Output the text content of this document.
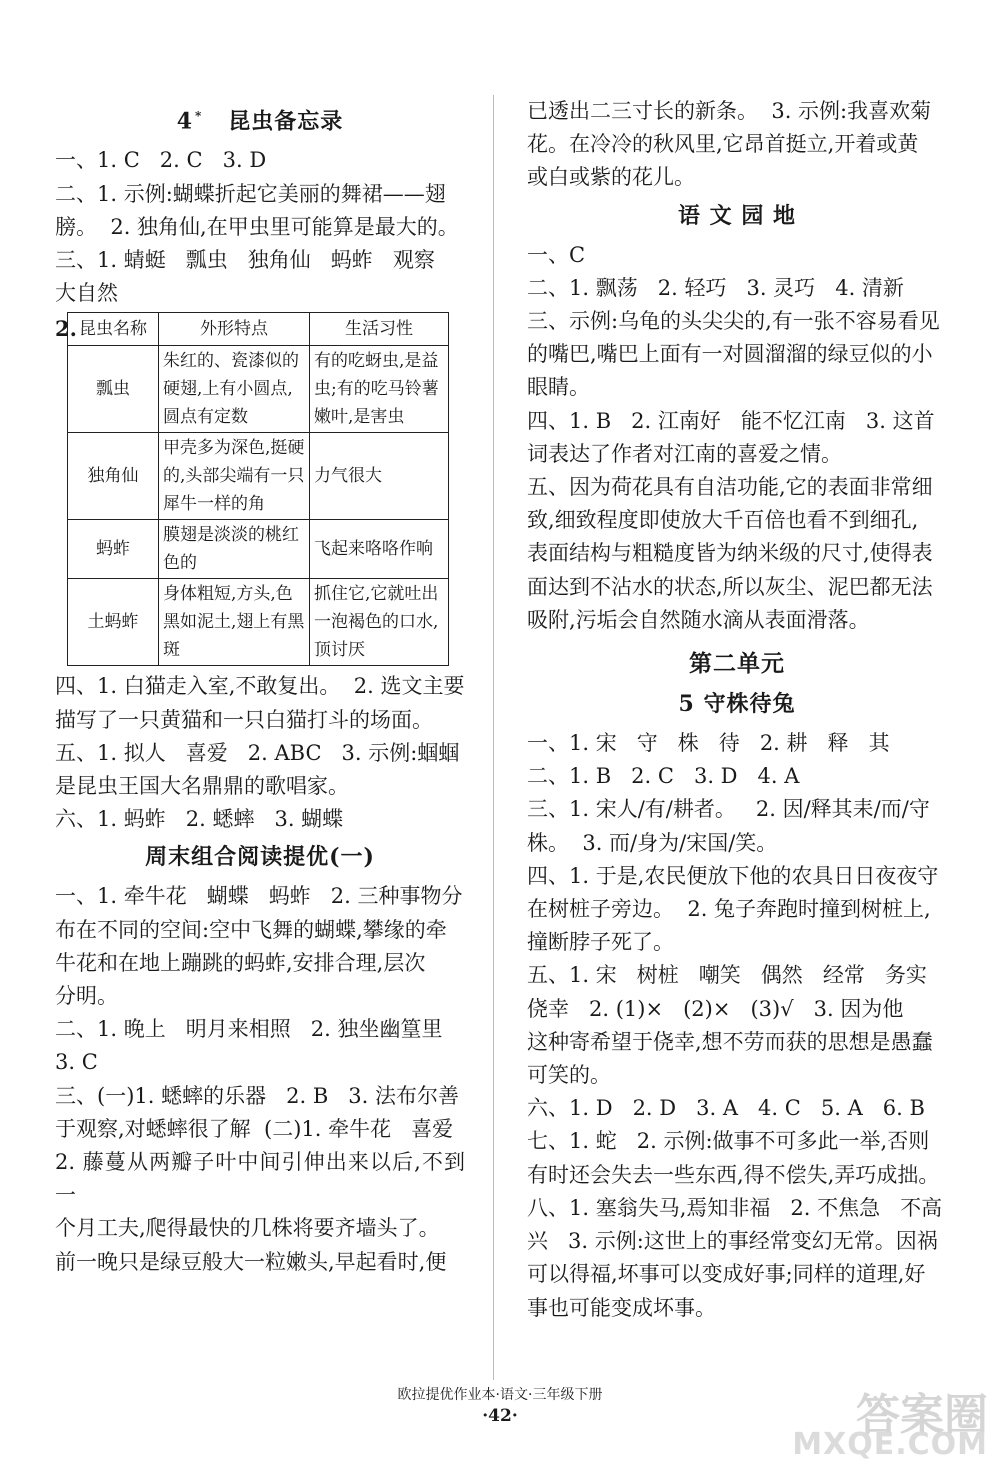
4 * 昆虫备忘录
一、1. C   2. C   3. D
二、1. 示例:蝴蝶折起它美丽的舞裙——翅
膀。  2. 独角仙,在甲虫里可能算是最大的。
三、1. 蜻蜓   瓢虫   独角仙   蚂蚱   观察
大自然
2. 昆虫名称	外形特点	生活习性
瓢虫	朱红的、瓷漆似的硬翅,上有小圆点,圆点有定数	有的吃蚜虫,是益虫;有的吃马铃薯嫩叶,是害虫
独角仙	甲壳多为深色,挺硬的,头部尖端有一只犀牛一样的角	力气很大
蚂蚱	膜翅是淡淡的桃红色的	飞起来咯咯作响
土蚂蚱	身体粗短,方头,色黑如泥土,翅上有黑斑	抓住它,它就吐出一泡褐色的口水,顶讨厌
四、1. 白猫走入室,不敢复出。  2. 选文主要
描写了一只黄猫和一只白猫打斗的场面。
五、1. 拟人   喜爱   2. ABC   3. 示例:蝈蝈
是昆虫王国大名鼎鼎的歌唱家。
六、1. 蚂蚱   2. 蟋蟀   3. 蝴蝶
周末组合阅读提优(一)
一、1. 牵牛花   蝴蝶   蚂蚱   2. 三种事物分
布在不同的空间:空中飞舞的蝴蝶,攀缘的牵
牛花和在地上蹦跳的蚂蚱,安排合理,层次
分明。
二、1. 晚上   明月来相照   2. 独坐幽篁里
3. C
三、(一)1. 蟋蟀的乐器   2. B   3. 法布尔善
于观察,对蟋蟀很了解  (二)1. 牵牛花   喜爱
2. 藤蔓从两瓣子叶中间引伸出来以后,不到一
个月工夫,爬得最快的几株将要齐墙头了。
前一晚只是绿豆般大一粒嫩头,早起看时,便
已透出二三寸长的新条。  3. 示例:我喜欢菊
花。在冷冷的秋风里,它昂首挺立,开着或黄
或白或紫的花儿。
语 文 园 地
一、C
二、1. 飘荡   2. 轻巧   3. 灵巧   4. 清新
三、示例:乌龟的头尖尖的,有一张不容易看见
的嘴巴,嘴巴上面有一对圆溜溜的绿豆似的小
眼睛。
四、1. B   2. 江南好   能不忆江南   3. 这首
词表达了作者对江南的喜爱之情。
五、因为荷花具有自洁功能,它的表面非常细
致,细致程度即使放大千百倍也看不到细孔,
表面结构与粗糙度皆为纳米级的尺寸,使得表
面达到不沾水的状态,所以灰尘、泥巴都无法
吸附,污垢会自然随水滴从表面滑落。
第二单元
5 守株待兔
一、1. 宋   守   株   待   2. 耕   释   其
二、1. B   2. C   3. D   4. A
三、1. 宋人/有/耕者。   2. 因/释其耒/而/守
株。  3. 而/身为/宋国/笑。
四、1. 于是,农民便放下他的农具日日夜夜守
在树桩子旁边。  2. 兔子奔跑时撞到树桩上,
撞断脖子死了。
五、1. 宋   树桩   嘲笑   偶然   经常   务实
侥幸   2. (1)×   (2)×   (3)√   3. 因为他
这种寄希望于侥幸,想不劳而获的思想是愚蠢
可笑的。
六、1. D   2. D   3. A   4. C   5. A   6. B
七、1. 蛇   2. 示例:做事不可多此一举,否则
有时还会失去一些东西,得不偿失,弄巧成拙。
八、1. 塞翁失马,焉知非福   2. 不焦急   不高
兴   3. 示例:这世上的事经常变幻无常。因祸
可以得福,坏事可以变成好事;同样的道理,好
事也可能变成坏事。
欧拉提优作业本·语文·三年级下册
·42·	答案圈
MXQE.COM
